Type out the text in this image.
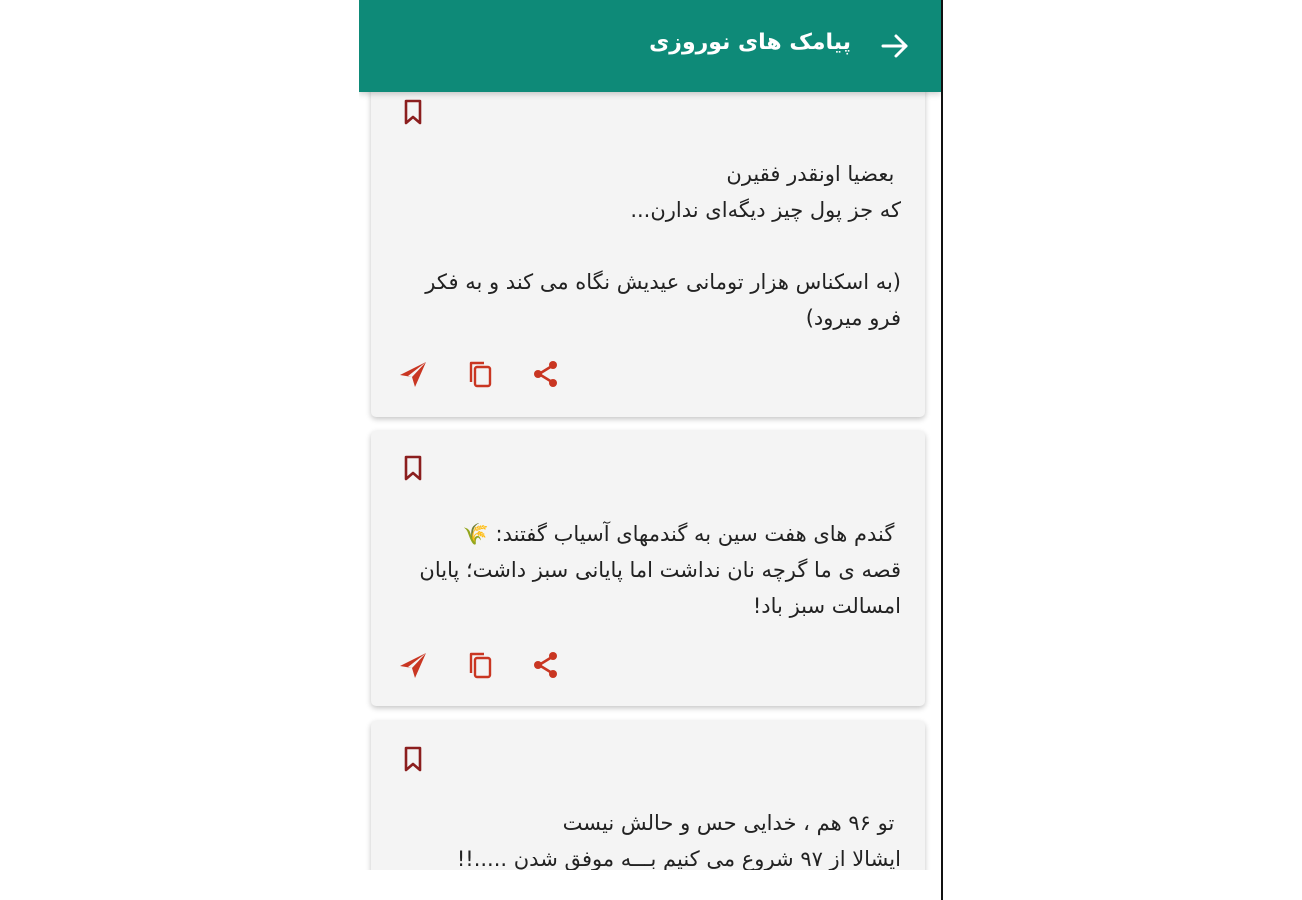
پیامک های نوروزی
بعضیا اونقدر فقیرن
که جز پول چیز دیگه‌ای ندارن...

(به اسکناس هزار تومانی عیدیش نگاه می کند و به فکر فرو میرود)
گندم های هفت سین به گندمهای آسیاب گفتند: 🌾
قصه ی ما گرچه نان نداشت اما پایانی سبز داشت؛ پایان امسالت سبز باد!
تو ۹۶ هم ، خدایی حس و حالش نیست
ایشالا از ۹۷ شروع می کنیم بـــه موفق شدن .....!!
